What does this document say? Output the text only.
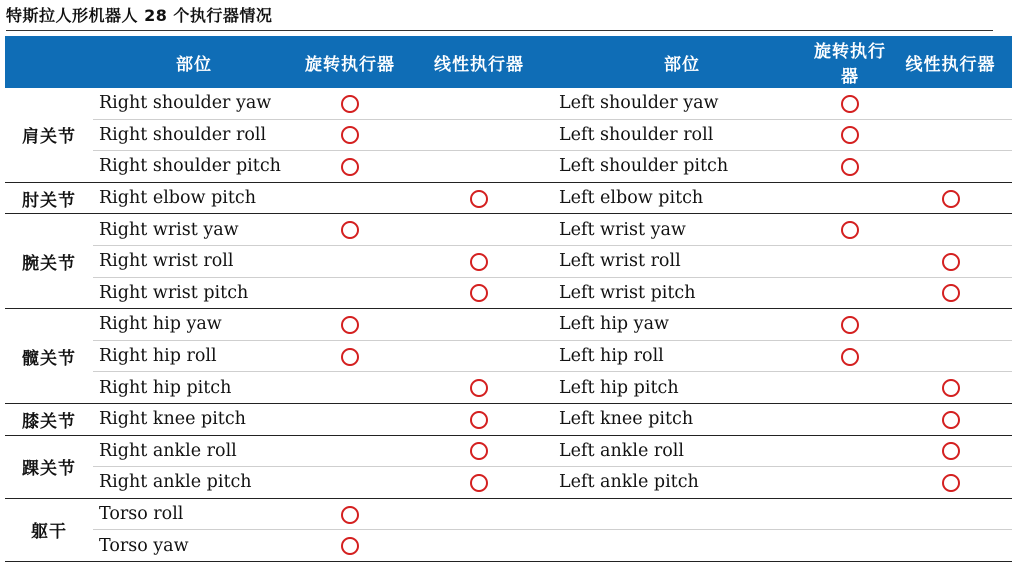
特斯拉人形机器人 28 个执行器情况
	部位	旋转执行器	线性执行器	部位	旋转执行器	线性执行器
肩关节	Right shoulder yaw			Left shoulder yaw		
	Right shoulder roll			Left shoulder roll		
	Right shoulder pitch			Left shoulder pitch		
肘关节	Right elbow pitch			Left elbow pitch		
腕关节	Right wrist yaw			Left wrist yaw		
	Right wrist roll			Left wrist roll		
	Right wrist pitch			Left wrist pitch		
髋关节	Right hip yaw			Left hip yaw		
	Right hip roll			Left hip roll		
	Right hip pitch			Left hip pitch		
膝关节	Right knee pitch			Left knee pitch		
踝关节	Right ankle roll			Left ankle roll		
	Right ankle pitch			Left ankle pitch		
躯干	Torso roll					
	Torso yaw					
